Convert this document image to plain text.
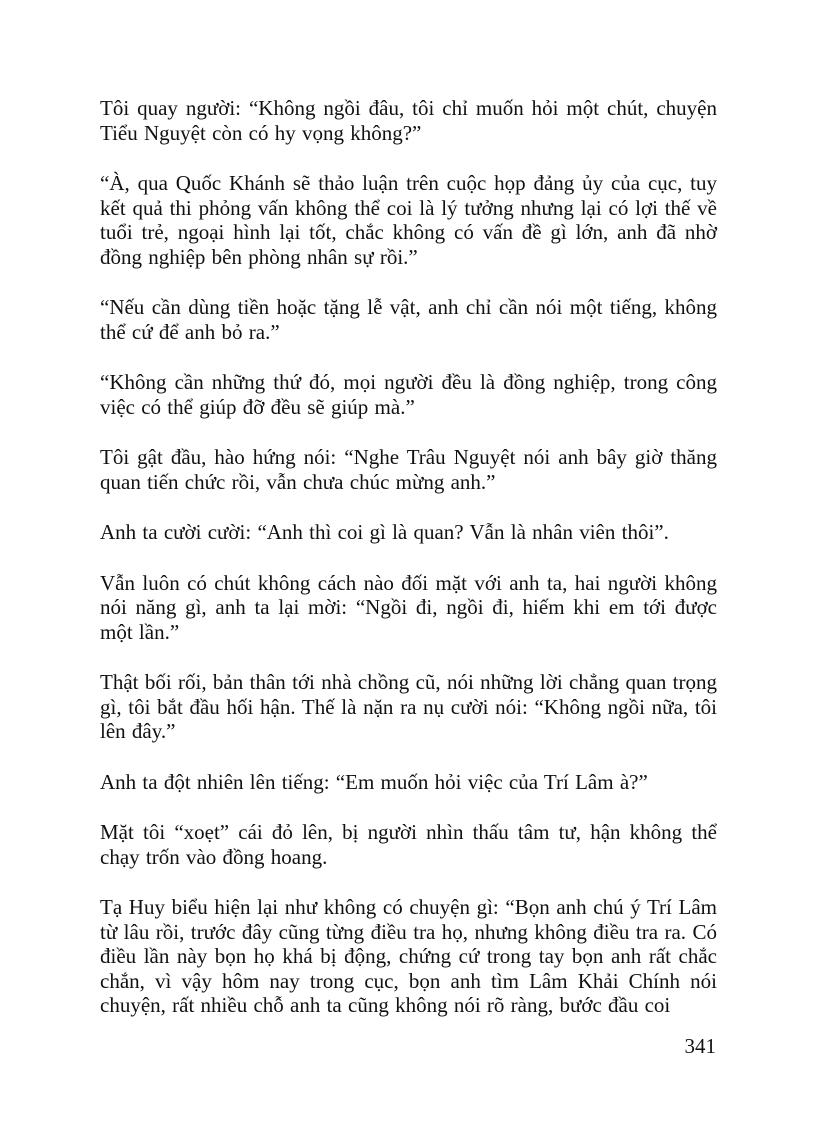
Tôi quay người: “Không ngồi đâu, tôi chỉ muốn hỏi một chút, chuyện Tiểu Nguyệt còn có hy vọng không?”

“À, qua Quốc Khánh sẽ thảo luận trên cuộc họp đảng ủy của cục, tuy kết quả thi phỏng vấn không thể coi là lý tưởng nhưng lại có lợi thế về tuổi trẻ, ngoại hình lại tốt, chắc không có vấn đề gì lớn, anh đã nhờ đồng nghiệp bên phòng nhân sự rồi.”

“Nếu cần dùng tiền hoặc tặng lễ vật, anh chỉ cần nói một tiếng, không thể cứ để anh bỏ ra.”

“Không cần những thứ đó, mọi người đều là đồng nghiệp, trong công việc có thể giúp đỡ đều sẽ giúp mà.”

Tôi gật đầu, hào hứng nói: “Nghe Trâu Nguyệt nói anh bây giờ thăng quan tiến chức rồi, vẫn chưa chúc mừng anh.”

Anh ta cười cười: “Anh thì coi gì là quan? Vẫn là nhân viên thôi”.

Vẫn luôn có chút không cách nào đối mặt với anh ta, hai người không nói năng gì, anh ta lại mời: “Ngồi đi, ngồi đi, hiếm khi em tới được một lần.”

Thật bối rối, bản thân tới nhà chồng cũ, nói những lời chẳng quan trọng gì, tôi bắt đầu hối hận. Thế là nặn ra nụ cười nói: “Không ngồi nữa, tôi lên đây.”

Anh ta đột nhiên lên tiếng: “Em muốn hỏi việc của Trí Lâm à?”

Mặt tôi “xoẹt” cái đỏ lên, bị người nhìn thấu tâm tư, hận không thể chạy trốn vào đồng hoang.

Tạ Huy biểu hiện lại như không có chuyện gì: “Bọn anh chú ý Trí Lâm từ lâu rồi, trước đây cũng từng điều tra họ, nhưng không điều tra ra. Có điều lần này bọn họ khá bị động, chứng cứ trong tay bọn anh rất chắc chắn, vì vậy hôm nay trong cục, bọn anh tìm Lâm Khải Chính nói chuyện, rất nhiều chỗ anh ta cũng không nói rõ ràng, bước đầu coi

341
